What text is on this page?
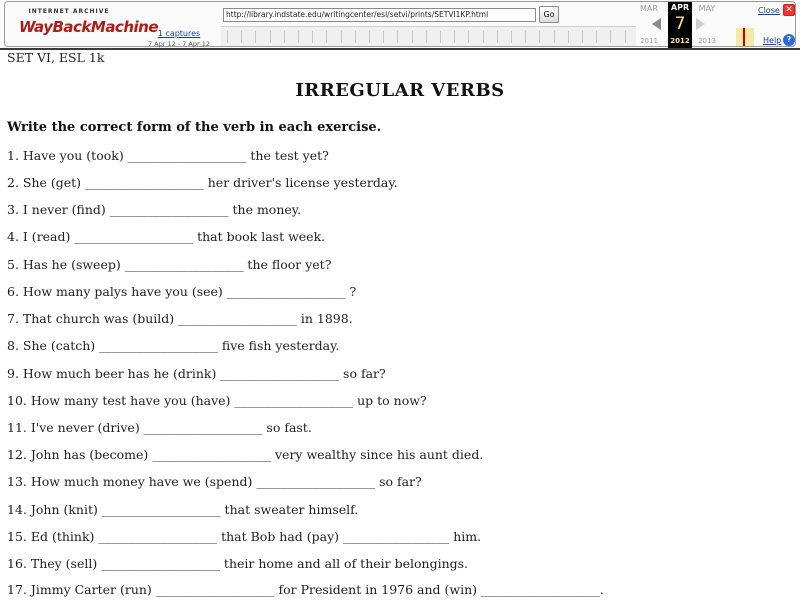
INTERNET ARCHIVE
WayBackMachine 1 captures
7 Apr 12 - 7 Apr 12
http://library.indstate.edu/writingcenter/esl/setvi/prints/SETVI1KP.html	Go
MAR	MAY
2011	2013
APR
7
2012
Close ✕
Help ?
SET VI, ESL 1k
IRREGULAR VERBS
Write the correct form of the verb in each exercise.
1. Have you (took) ___________________ the test yet?
2. She (get) ___________________ her driver's license yesterday.
3. I never (find) ___________________ the money.
4. I (read) ___________________ that book last week.
5. Has he (sweep) ___________________ the floor yet?
6. How many palys have you (see) ___________________ ?
7. That church was (build) ___________________ in 1898.
8. She (catch) ___________________ five fish yesterday.
9. How much beer has he (drink) ___________________ so far?
10. How many test have you (have) ___________________ up to now?
11. I've never (drive) ___________________ so fast.
12. John has (become) ___________________ very wealthy since his aunt died.
13. How much money have we (spend) ___________________ so far?
14. John (knit) ___________________ that sweater himself.
15. Ed (think) ___________________ that Bob had (pay) _________________ him.
16. They (sell) ___________________ their home and all of their belongings.
17. Jimmy Carter (run) ___________________ for President in 1976 and (win) ___________________.
